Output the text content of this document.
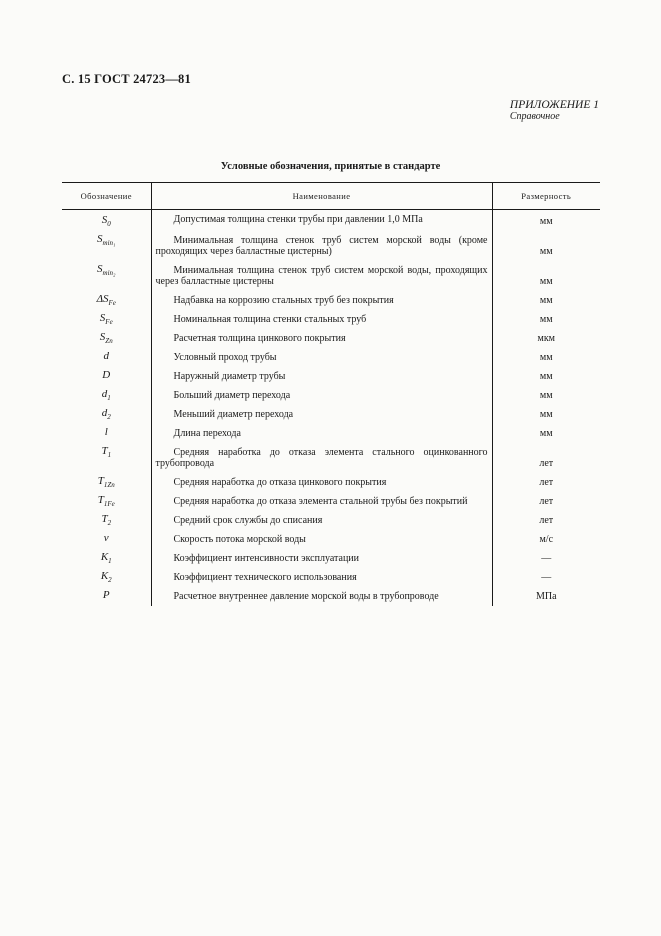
С. 15 ГОСТ 24723—81
ПРИЛОЖЕНИЕ 1
Справочное
Условные обозначения, принятые в стандарте
Обозначение	Наименование	Размерность
$S_0$	Допустимая толщина стенки трубы при давлении 1,0 МПа	мм
$S_{min_1}$	Минимальная толщина стенок труб систем морской воды (кроме проходящих через балластные цистерны)	мм
$S_{min_2}$	Минимальная толщина стенок труб систем морской воды, проходящих через балластные цистерны	мм
$\Delta S_{Fe}$	Надбавка на коррозию стальных труб без покрытия	мм
$S_{Fe}$	Номинальная толщина стенки стальных труб	мм
$S_{Zn}$	Расчетная толщина цинкового покрытия	мкм
d	Условный проход трубы	мм
D	Наружный диаметр трубы	мм
$d_1$	Больший диаметр перехода	мм
$d_2$	Меньший диаметр перехода	мм
l	Длина перехода	мм
$T_1$	Средняя наработка до отказа элемента стального оцинкованного трубопровода	лет
$T_{1Zn}$	Средняя наработка до отказа цинкового покрытия	лет
$T_{1Fe}$	Средняя наработка до отказа элемента стальной трубы без покрытий	лет
$T_2$	Средний срок службы до списания	лет
v	Скорость потока морской воды	м/с
$K_1$	Коэффициент интенсивности эксплуатации	—
$K_2$	Коэффициент технического использования	—
P	Расчетное внутреннее давление морской воды в трубопроводе	МПа
